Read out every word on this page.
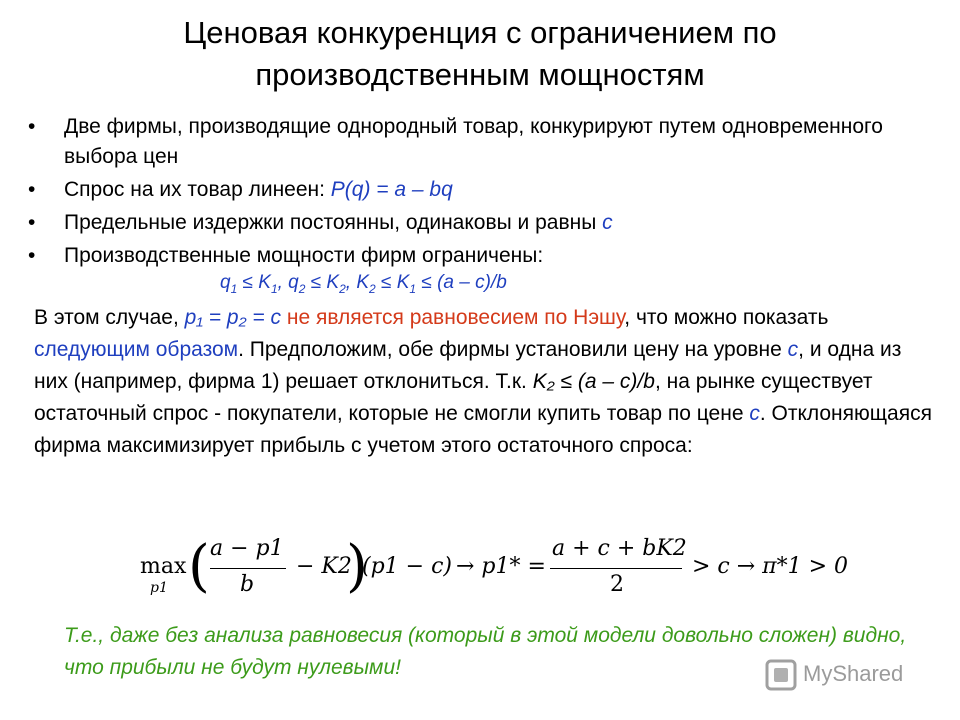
Ценовая конкуренция с ограничением по
производственным мощностям
• Две фирмы, производящие однородный товар, конкурируют путем одновременного выбора цен
• Спрос на их товар линеен: P(q) = a – bq
• Предельные издержки постоянны, одинаковы и равны c
• Производственные мощности фирм ограничены:
$q_1 \le K_1$, $q_2 \le K_2$, $K_2 \le K_1 \le (a - c)/b$
В этом случае, p₁ = p₂ = c не является равновесием по Нэшу, что можно показать следующим образом. Предположим, обе фирмы установили цену на уровне c, и одна из них (например, фирма 1) решает отклониться. Т.к. K₂ ≤ (a – c)/b, на рынке существует остаточный спрос - покупатели, которые не смогли купить товар по цене c. Отклоняющаяся фирма максимизирует прибыль с учетом этого остаточного спроса:
max
p1 ( a − p1
b
− K2
)
(p1 − c) → p1* =
a + c + bK2
2
> c → π*1 > 0
Т.е., даже без анализа равновесия (который в этой модели довольно сложен) видно, что прибыли не будут нулевыми!	MyShared
